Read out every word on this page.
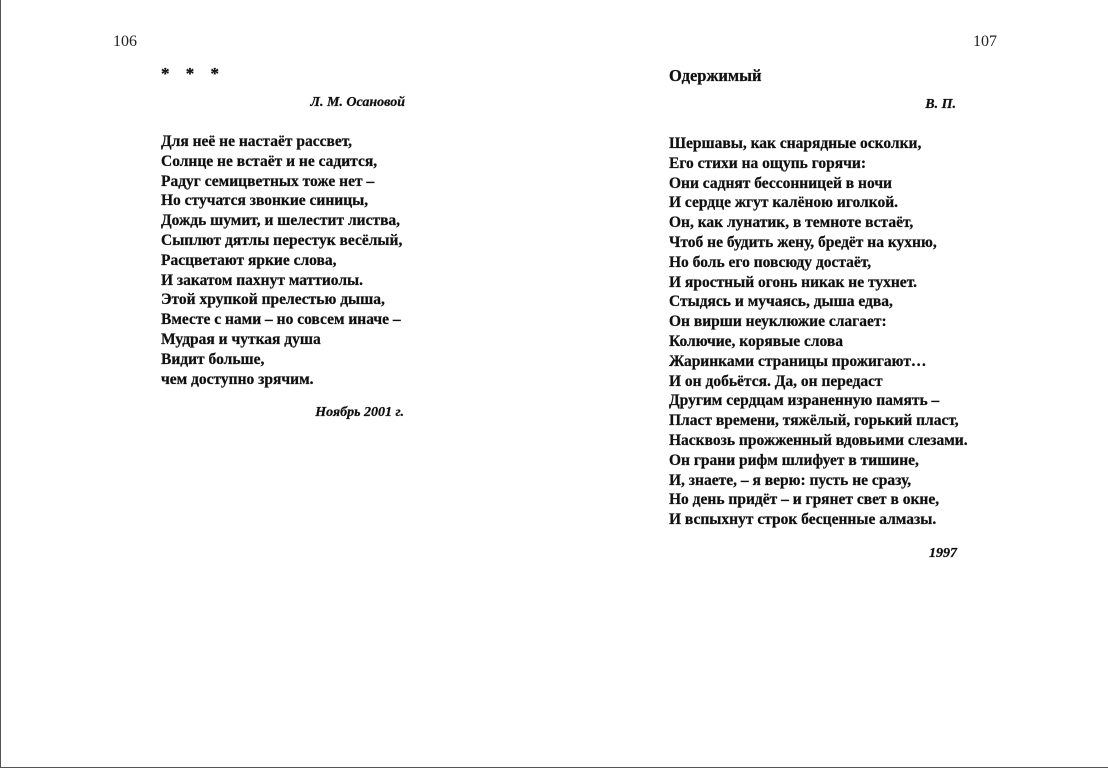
106	107
* * *
Л. М. Осановой
Для неё не настаёт рассвет,
Солнце не встаёт и не садится,
Радуг семицветных тоже нет –
Но стучатся звонкие синицы,
Дождь шумит, и шелестит листва,
Сыплют дятлы перестук весёлый,
Расцветают яркие слова,
И закатом пахнут маттиолы.
Этой хрупкой прелестью дыша,
Вместе с нами – но совсем иначе –
Мудрая и чуткая душа
Видит больше,
чем доступно зрячим.
Ноябрь 2001 г.
Одержимый
В. П.
Шершавы, как снарядные осколки,
Его стихи на ощупь горячи:
Они саднят бессонницей в ночи
И сердце жгут калёною иголкой.
Он, как лунатик, в темноте встаёт,
Чтоб не будить жену, бредёт на кухню,
Но боль его повсюду достаёт,
И яростный огонь никак не тухнет.
Стыдясь и мучаясь, дыша едва,
Он вирши неуклюжие слагает:
Колючие, корявые слова
Жаринками страницы прожигают…
И он добьётся. Да, он передаст
Другим сердцам израненную память –
Пласт времени, тяжёлый, горький пласт,
Насквозь прожженный вдовьими слезами.
Он грани рифм шлифует в тишине,
И, знаете, – я верю: пусть не сразу,
Но день придёт – и грянет свет в окне,
И вспыхнут строк бесценные алмазы.
1997
